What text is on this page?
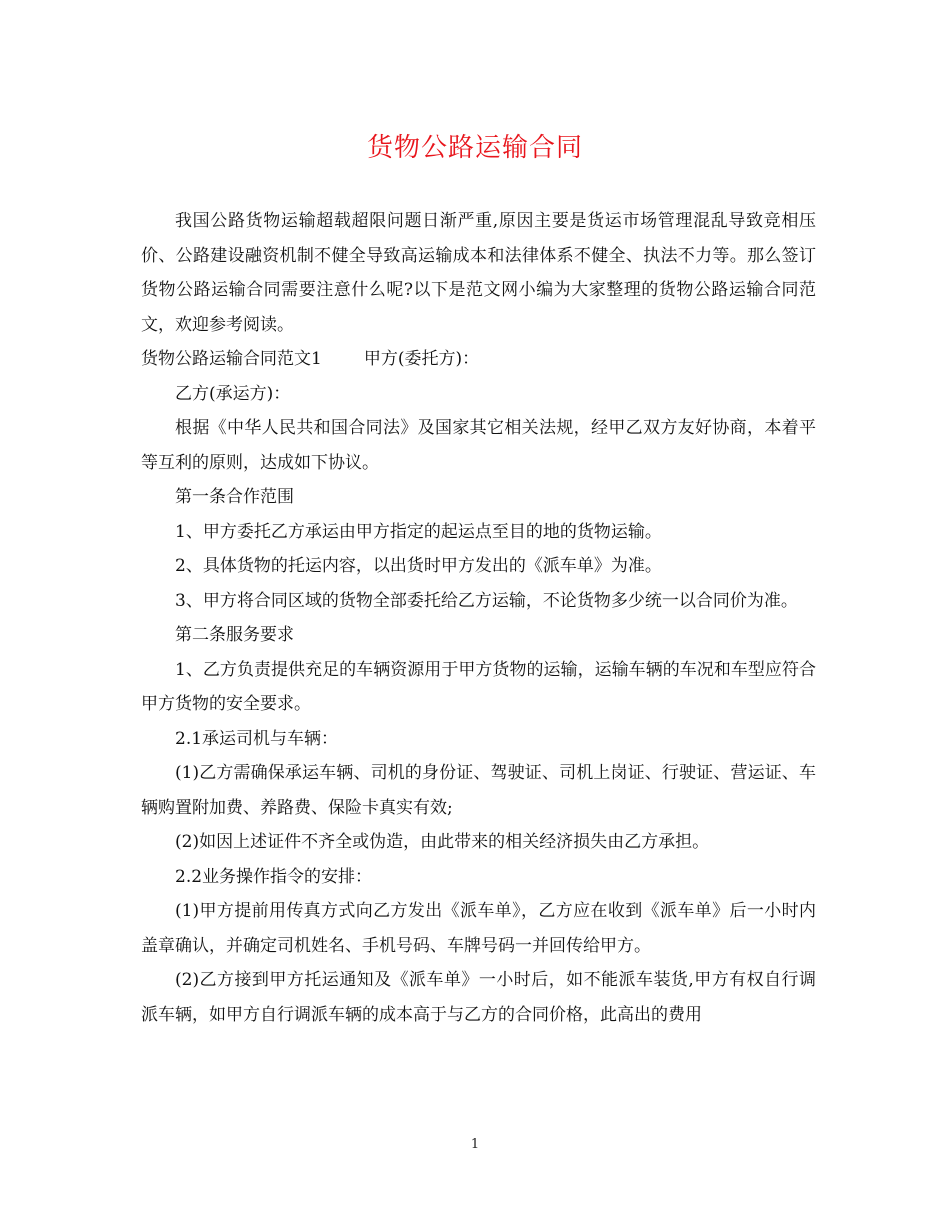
货物公路运输合同

我国公路货物运输超载超限问题日渐严重,原因主要是货运市场管理混乱导致竞相压价、公路建设融资机制不健全导致高运输成本和法律体系不健全、执法不力等。那么签订货物公路运输合同需要注意什么呢?以下是范文网小编为大家整理的货物公路运输合同范文，欢迎参考阅读。

货物公路运输合同范文1 甲方(委托方)：

乙方(承运方)：

根据《中华人民共和国合同法》及国家其它相关法规，经甲乙双方友好协商，本着平等互利的原则，达成如下协议。

第一条合作范围

1、甲方委托乙方承运由甲方指定的起运点至目的地的货物运输。

2、具体货物的托运内容，以出货时甲方发出的《派车单》为准。

3、甲方将合同区域的货物全部委托给乙方运输，不论货物多少统一以合同价为准。

第二条服务要求

1、乙方负责提供充足的车辆资源用于甲方货物的运输，运输车辆的车况和车型应符合甲方货物的安全要求。

2.1承运司机与车辆：

(1)乙方需确保承运车辆、司机的身份证、驾驶证、司机上岗证、行驶证、营运证、车辆购置附加费、养路费、保险卡真实有效;

(2)如因上述证件不齐全或伪造，由此带来的相关经济损失由乙方承担。

2.2业务操作指令的安排：

(1)甲方提前用传真方式向乙方发出《派车单》，乙方应在收到《派车单》后一小时内盖章确认，并确定司机姓名、手机号码、车牌号码一并回传给甲方。

(2)乙方接到甲方托运通知及《派车单》一小时后，如不能派车装货,甲方有权自行调派车辆，如甲方自行调派车辆的成本高于与乙方的合同价格，此高出的费用

1
